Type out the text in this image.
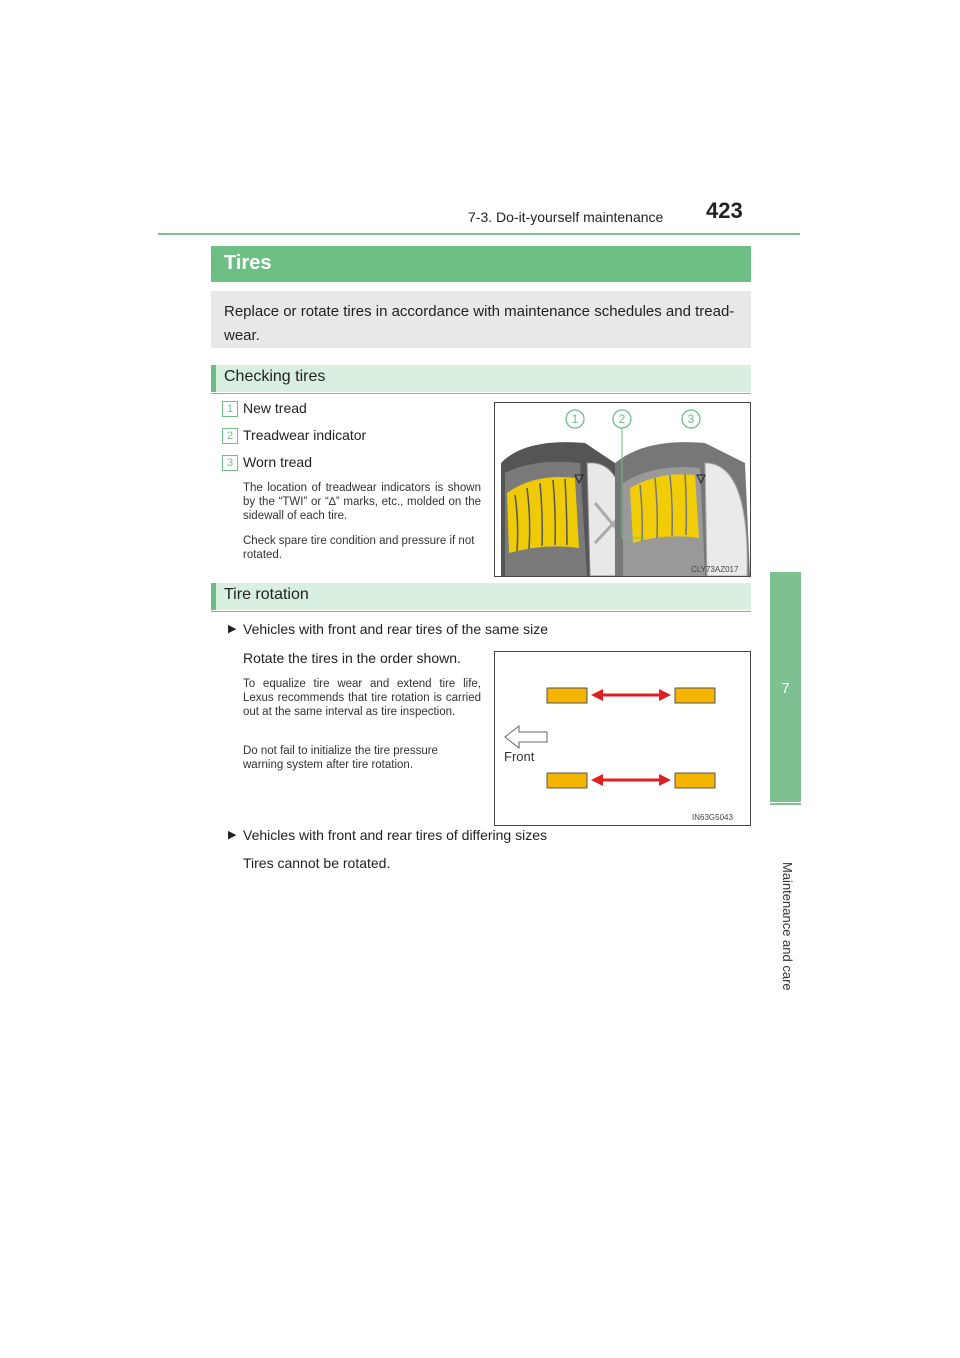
7-3. Do-it-yourself maintenance 423
7
Maintenance and care
Tires
Replace or rotate tires in accordance with maintenance schedules and tread-wear.
Checking tires
1 New tread
2 Treadwear indicator
3 Worn tread
The location of treadwear indicators is shown by the “TWI” or “∆” marks, etc., molded on the sidewall of each tire.
Check spare tire condition and pressure if not rotated.
1	2	3
CLY73AZ017
Tire rotation
▶ Vehicles with front and rear tires of the same size
Rotate the tires in the order shown.
To equalize tire wear and extend tire life, Lexus recommends that tire rotation is carried out at the same interval as tire inspection.
Do not fail to initialize the tire pressure warning system after tire rotation.
Front
IN63G5043
▶ Vehicles with front and rear tires of differing sizes
Tires cannot be rotated.
